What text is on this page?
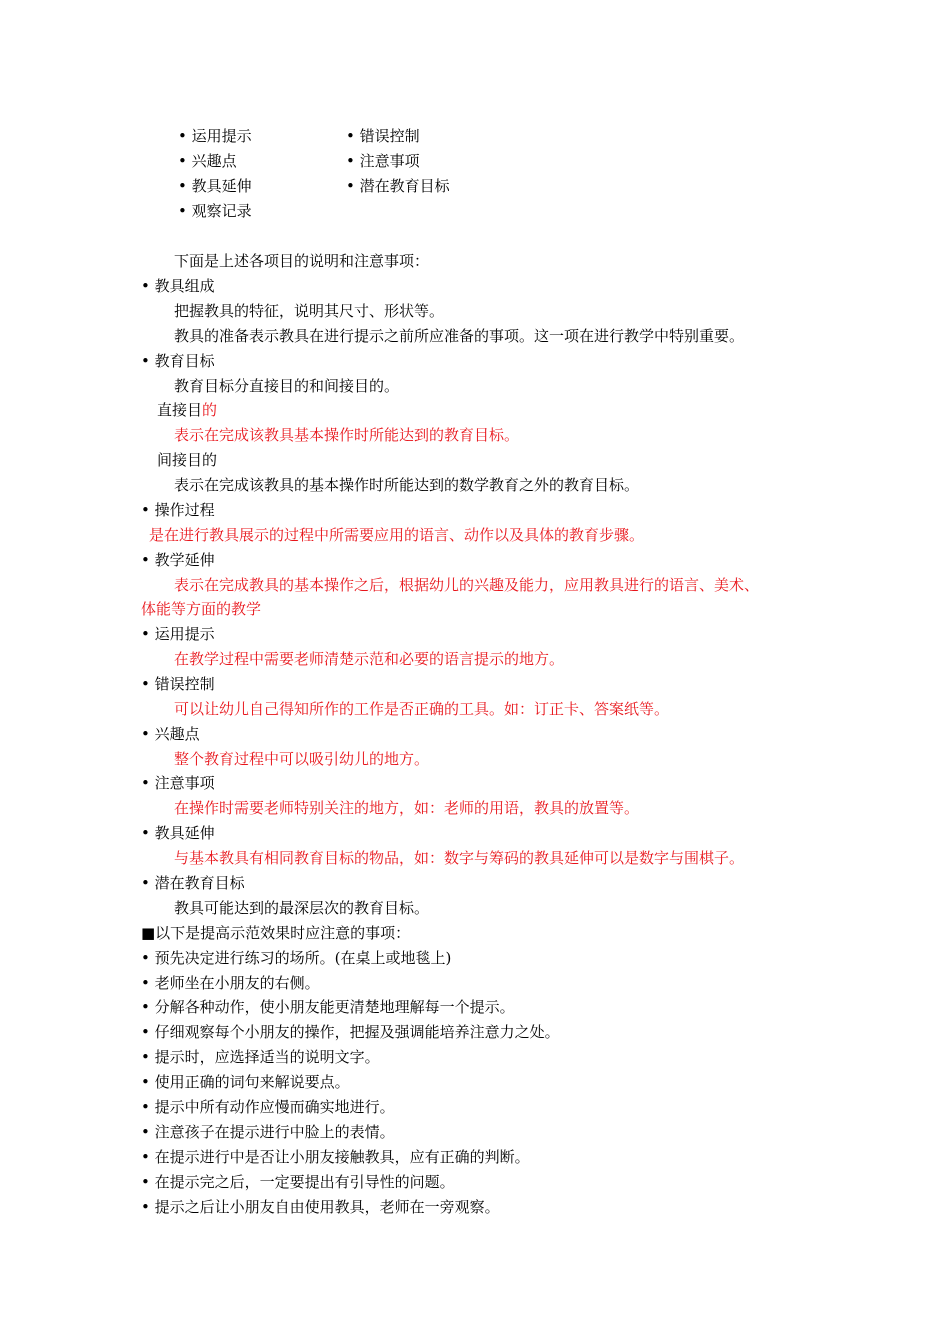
• 运用提示	• 错误控制
• 兴趣点	• 注意事项
• 教具延伸	• 潜在教育目标
• 观察记录
下面是上述各项目的说明和注意事项：
• 教具组成
把握教具的特征，说明其尺寸、形状等。
教具的准备表示教具在进行提示之前所应准备的事项。这一项在进行教学中特别重要。
• 教育目标
教育目标分直接目的和间接目的。
直接目的
表示在完成该教具基本操作时所能达到的教育目标。
间接目的
表示在完成该教具的基本操作时所能达到的数学教育之外的教育目标。
• 操作过程
是在进行教具展示的过程中所需要应用的语言、动作以及具体的教育步骤。
• 教学延伸
表示在完成教具的基本操作之后，根据幼儿的兴趣及能力，应用教具进行的语言、美术、
体能等方面的教学
• 运用提示
在教学过程中需要老师清楚示范和必要的语言提示的地方。
• 错误控制
可以让幼儿自己得知所作的工作是否正确的工具。如：订正卡、答案纸等。
• 兴趣点
整个教育过程中可以吸引幼儿的地方。
• 注意事项
在操作时需要老师特别关注的地方，如：老师的用语，教具的放置等。
• 教具延伸
与基本教具有相同教育目标的物品，如：数字与筹码的教具延伸可以是数字与围棋子。
• 潜在教育目标
教具可能达到的最深层次的教育目标。
■以下是提高示范效果时应注意的事项：
• 预先决定进行练习的场所。(在桌上或地毯上)
• 老师坐在小朋友的右侧。
• 分解各种动作，使小朋友能更清楚地理解每一个提示。
• 仔细观察每个小朋友的操作，把握及强调能培养注意力之处。
• 提示时，应选择适当的说明文字。
• 使用正确的词句来解说要点。
• 提示中所有动作应慢而确实地进行。
• 注意孩子在提示进行中脸上的表情。
• 在提示进行中是否让小朋友接触教具，应有正确的判断。
• 在提示完之后，一定要提出有引导性的问题。
• 提示之后让小朋友自由使用教具，老师在一旁观察。
